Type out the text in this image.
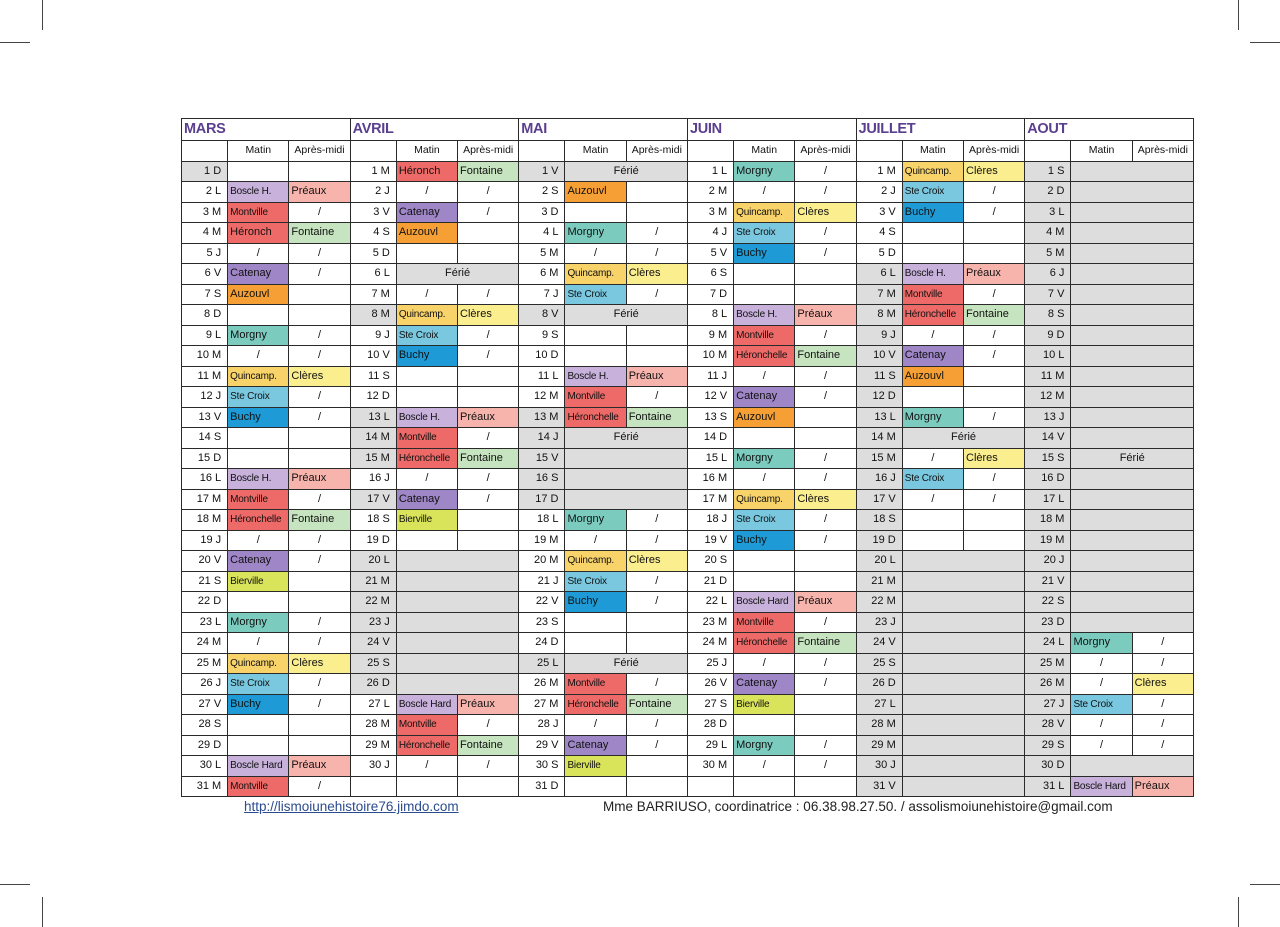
MARS			AVRIL			MAI			JUIN			JUILLET			AOUT		
	Matin	Après-midi		Matin	Après-midi		Matin	Après-midi		Matin	Après-midi		Matin	Après-midi		Matin	Après-midi
1 D			1 M	Héronch	Fontaine	1 V	Férié		1 L	Morgny	/	1 M	Quincamp.	Clères	1 S		
2 L	Boscle H.	Préaux	2 J	/	/	2 S	Auzouvl		2 M	/	/	2 J	Ste Croix	/	2 D		
3 M	Montville	/	3 V	Catenay	/	3 D			3 M	Quincamp.	Clères	3 V	Buchy	/	3 L		
4 M	Héronch	Fontaine	4 S	Auzouvl		4 L	Morgny	/	4 J	Ste Croix	/	4 S			4 M		
5 J	/	/	5 D			5 M	/	/	5 V	Buchy	/	5 D			5 M		
6 V	Catenay	/	6 L	Férié		6 M	Quincamp.	Clères	6 S			6 L	Boscle H.	Préaux	6 J		
7 S	Auzouvl		7 M	/	/	7 J	Ste Croix	/	7 D			7 M	Montville	/	7 V		
8 D			8 M	Quincamp.	Clères	8 V	Férié		8 L	Boscle H.	Préaux	8 M	Héronchelle	Fontaine	8 S		
9 L	Morgny	/	9 J	Ste Croix	/	9 S			9 M	Montville	/	9 J	/	/	9 D		
10 M	/	/	10 V	Buchy	/	10 D			10 M	Héronchelle	Fontaine	10 V	Catenay	/	10 L		
11 M	Quincamp.	Clères	11 S			11 L	Boscle H.	Préaux	11 J	/	/	11 S	Auzouvl		11 M		
12 J	Ste Croix	/	12 D			12 M	Montville	/	12 V	Catenay	/	12 D			12 M		
13 V	Buchy	/	13 L	Boscle H.	Préaux	13 M	Héronchelle	Fontaine	13 S	Auzouvl		13 L	Morgny	/	13 J		
14 S			14 M	Montville	/	14 J	Férié		14 D			14 M	Férié		14 V		
15 D			15 M	Héronchelle	Fontaine	15 V			15 L	Morgny	/	15 M	/	Clères	15 S	Férié	
16 L	Boscle H.	Préaux	16 J	/	/	16 S			16 M	/	/	16 J	Ste Croix	/	16 D		
17 M	Montville	/	17 V	Catenay	/	17 D			17 M	Quincamp.	Clères	17 V	/	/	17 L		
18 M	Héronchelle	Fontaine	18 S	Bierville		18 L	Morgny	/	18 J	Ste Croix	/	18 S			18 M		
19 J	/	/	19 D			19 M	/	/	19 V	Buchy	/	19 D			19 M		
20 V	Catenay	/	20 L			20 M	Quincamp.	Clères	20 S			20 L			20 J		
21 S	Bierville		21 M			21 J	Ste Croix	/	21 D			21 M			21 V		
22 D			22 M			22 V	Buchy	/	22 L	Boscle Hard	Préaux	22 M			22 S		
23 L	Morgny	/	23 J			23 S			23 M	Montville	/	23 J			23 D		
24 M	/	/	24 V			24 D			24 M	Héronchelle	Fontaine	24 V			24 L	Morgny	/
25 M	Quincamp.	Clères	25 S			25 L	Férié		25 J	/	/	25 S			25 M	/	/
26 J	Ste Croix	/	26 D			26 M	Montville	/	26 V	Catenay	/	26 D			26 M	/	Clères
27 V	Buchy	/	27 L	Boscle Hard	Préaux	27 M	Héronchelle	Fontaine	27 S	Bierville		27 L			27 J	Ste Croix	/
28 S			28 M	Montville	/	28 J	/	/	28 D			28 M			28 V	/	/
29 D			29 M	Héronchelle	Fontaine	29 V	Catenay	/	29 L	Morgny	/	29 M			29 S	/	/
30 L	Boscle Hard	Préaux	30 J	/	/	30 S	Bierville		30 M	/	/	30 J			30 D		
31 M	Montville	/				31 D						31 V			31 L	Boscle Hard	Préaux
http://lismoiunehistoire76.jimdo.com	Mme BARRIUSO, coordinatrice : 06.38.98.27.50. / assolismoiunehistoire@gmail.com
